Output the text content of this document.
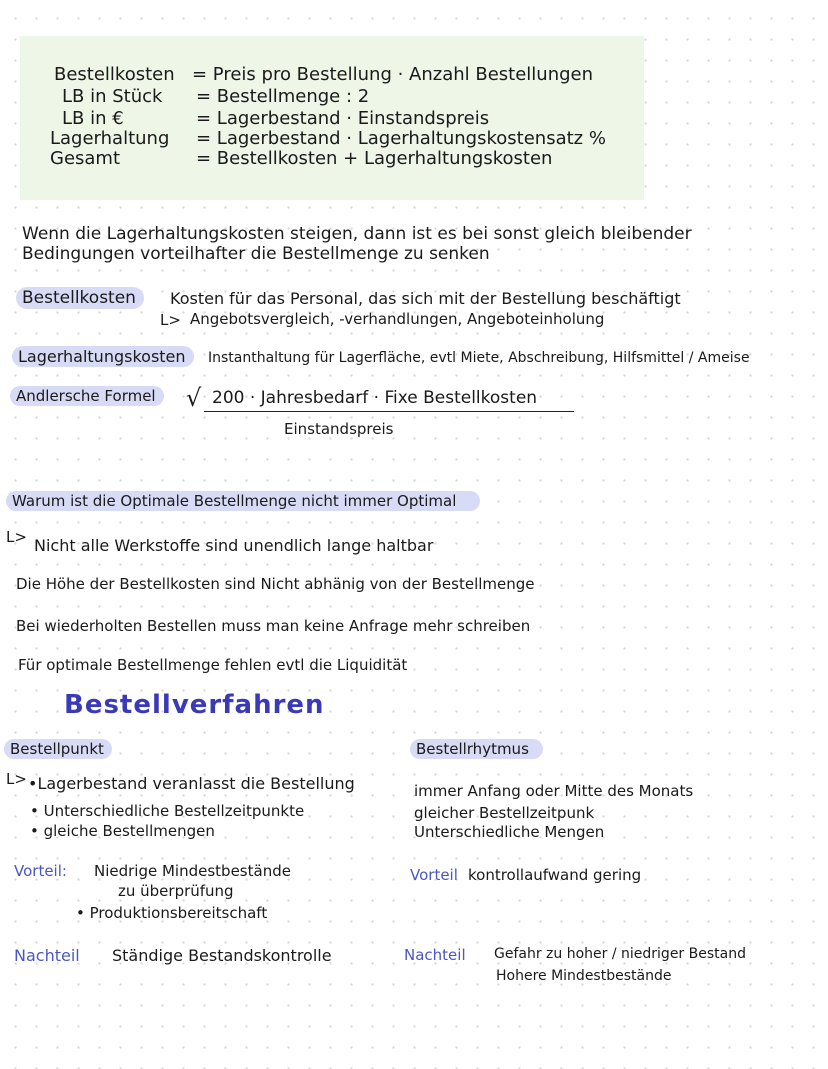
Bestellkosten = Preis pro Bestellung · Anzahl Bestellungen
LB in Stück = Bestellmenge : 2
LB in €	= Lagerbestand · Einstandspreis
Lagerhaltung = Lagerbestand · Lagerhaltungskostensatz %
Gesamt	= Bestellkosten + Lagerhaltungskosten
Wenn die Lagerhaltungskosten steigen, dann ist es bei sonst gleich bleibender
Bedingungen vorteilhafter die Bestellmenge zu senken
Bestellkosten	Kosten für das Personal, das sich mit der Bestellung beschäftigt
L> Angebotsvergleich, -verhandlungen, Angeboteinholung
Lagerhaltungskosten	Instanthaltung für Lagerfläche, evtl Miete, Abschreibung, Hilfsmittel / Ameise
Andlersche Formel	√ 200 · Jahresbedarf · Fixe Bestellkosten
Einstandspreis
Warum ist die Optimale Bestellmenge nicht immer Optimal
L> Nicht alle Werkstoffe sind unendlich lange haltbar
Die Höhe der Bestellkosten sind Nicht abhänig von der Bestellmenge
Bei wiederholten Bestellen muss man keine Anfrage mehr schreiben
Für optimale Bestellmenge fehlen evtl die Liquidität
Bestellverfahren
Bestellpunkt
L> •Lagerbestand veranlasst die Bestellung
• Unterschiedliche Bestellzeitpunkte
• gleiche Bestellmengen
Vorteil: Niedrige Mindestbestände
zu überprüfung
• Produktionsbereitschaft
Nachteil Ständige Bestandskontrolle
Bestellrhytmus
immer Anfang oder Mitte des Monats
gleicher Bestellzeitpunk
Unterschiedliche Mengen
Vorteil kontrollaufwand gering
Nachteil Gefahr zu hoher / niedriger Bestand
Hohere Mindestbestände
